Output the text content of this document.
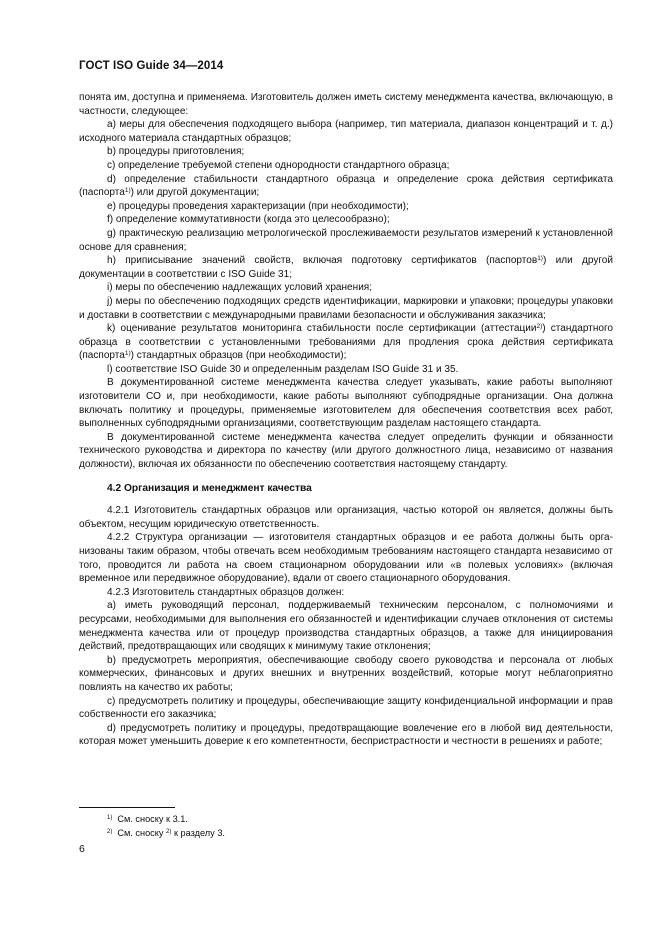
ГОСТ ISO Guide 34—2014

понята им, доступна и применяема. Изготовитель должен иметь систему менеджмента качества, включающую, в частности, следующее:

a) меры для обеспечения подходящего выбора (например, тип материала, диапазон концентраций и т. д.) исходного материала стандартных образцов;

b) процедуры приготовления;

c) определение требуемой степени однородности стандартного образца;

d) определение стабильности стандартного образца и определение срока действия сертификата (паспорта$^{1)}$) или другой документации;

e) процедуры проведения характеризации (при необходимости);

f) определение коммутативности (когда это целесообразно);

g) практическую реализацию метрологической прослеживаемости результатов измерений к установленной основе для сравнения;

h) приписывание значений свойств, включая подготовку сертификатов (паспортов$^{1)}$) или другой документации в соответствии с ISO Guide 31;

i) меры по обеспечению надлежащих условий хранения;

j) меры по обеспечению подходящих средств идентификации, маркировки и упаковки; процедуры упаковки и доставки в соответствии с международными правилами безопасности и обслуживания заказчика;

k) оценивание результатов мониторинга стабильности после сертификации (аттестации$^{2)}$) стандартного образца в соответствии с установленными требованиями для продления срока действия сертификата (паспорта$^{1)}$) стандартных образцов (при необходимости);

l) соответствие ISO Guide 30 и определенным разделам ISO Guide 31 и 35.

В документированной системе менеджмента качества следует указывать, какие работы выполняют изготовители СО и, при необходимости, какие работы выполняют субподрядные организации. Она должна включать политику и процедуры, применяемые изготовителем для обеспечения соответствия всех работ, выполненных субподрядными организациями, соответствующим разделам настоящего стандарта.

В документированной системе менеджмента качества следует определить функции и обязанности технического руководства и директора по качеству (или другого должностного лица, независимо от названия должности), включая их обязанности по обеспечению соответствия настоящему стандарту.

4.2 Организация и менеджмент качества

4.2.1 Изготовитель стандартных образцов или организация, частью которой он является, должны быть объектом, несущим юридическую ответственность.

4.2.2 Структура организации — изготовителя стандартных образцов и ее работа должны быть организованы таким образом, чтобы отвечать всем необходимым требованиям настоящего стандарта независимо от того, проводится ли работа на своем стационарном оборудовании или «в полевых условиях» (включая временное или передвижное оборудование), вдали от своего стационарного оборудования.

4.2.3 Изготовитель стандартных образцов должен:

a) иметь руководящий персонал, поддерживаемый техническим персоналом, с полномочиями и ресурсами, необходимыми для выполнения его обязанностей и идентификации случаев отклонения от системы менеджмента качества или от процедур производства стандартных образцов, а также для инициирования действий, предотвращающих или сводящих к минимуму такие отклонения;

b) предусмотреть мероприятия, обеспечивающие свободу своего руководства и персонала от любых коммерческих, финансовых и других внешних и внутренних воздействий, которые могут неблагоприятно повлиять на качество их работы;

c) предусмотреть политику и процедуры, обеспечивающие защиту конфиденциальной информации и прав собственности его заказчика;

d) предусмотреть политику и процедуры, предотвращающие вовлечение его в любой вид деятельности, которая может уменьшить доверие к его компетентности, беспристрастности и честности в решениях и работе;

$^{1)}$ См. сноску к 3.1.
$^{2)}$ См. сноску $^{2)}$ к разделу 3.
6
